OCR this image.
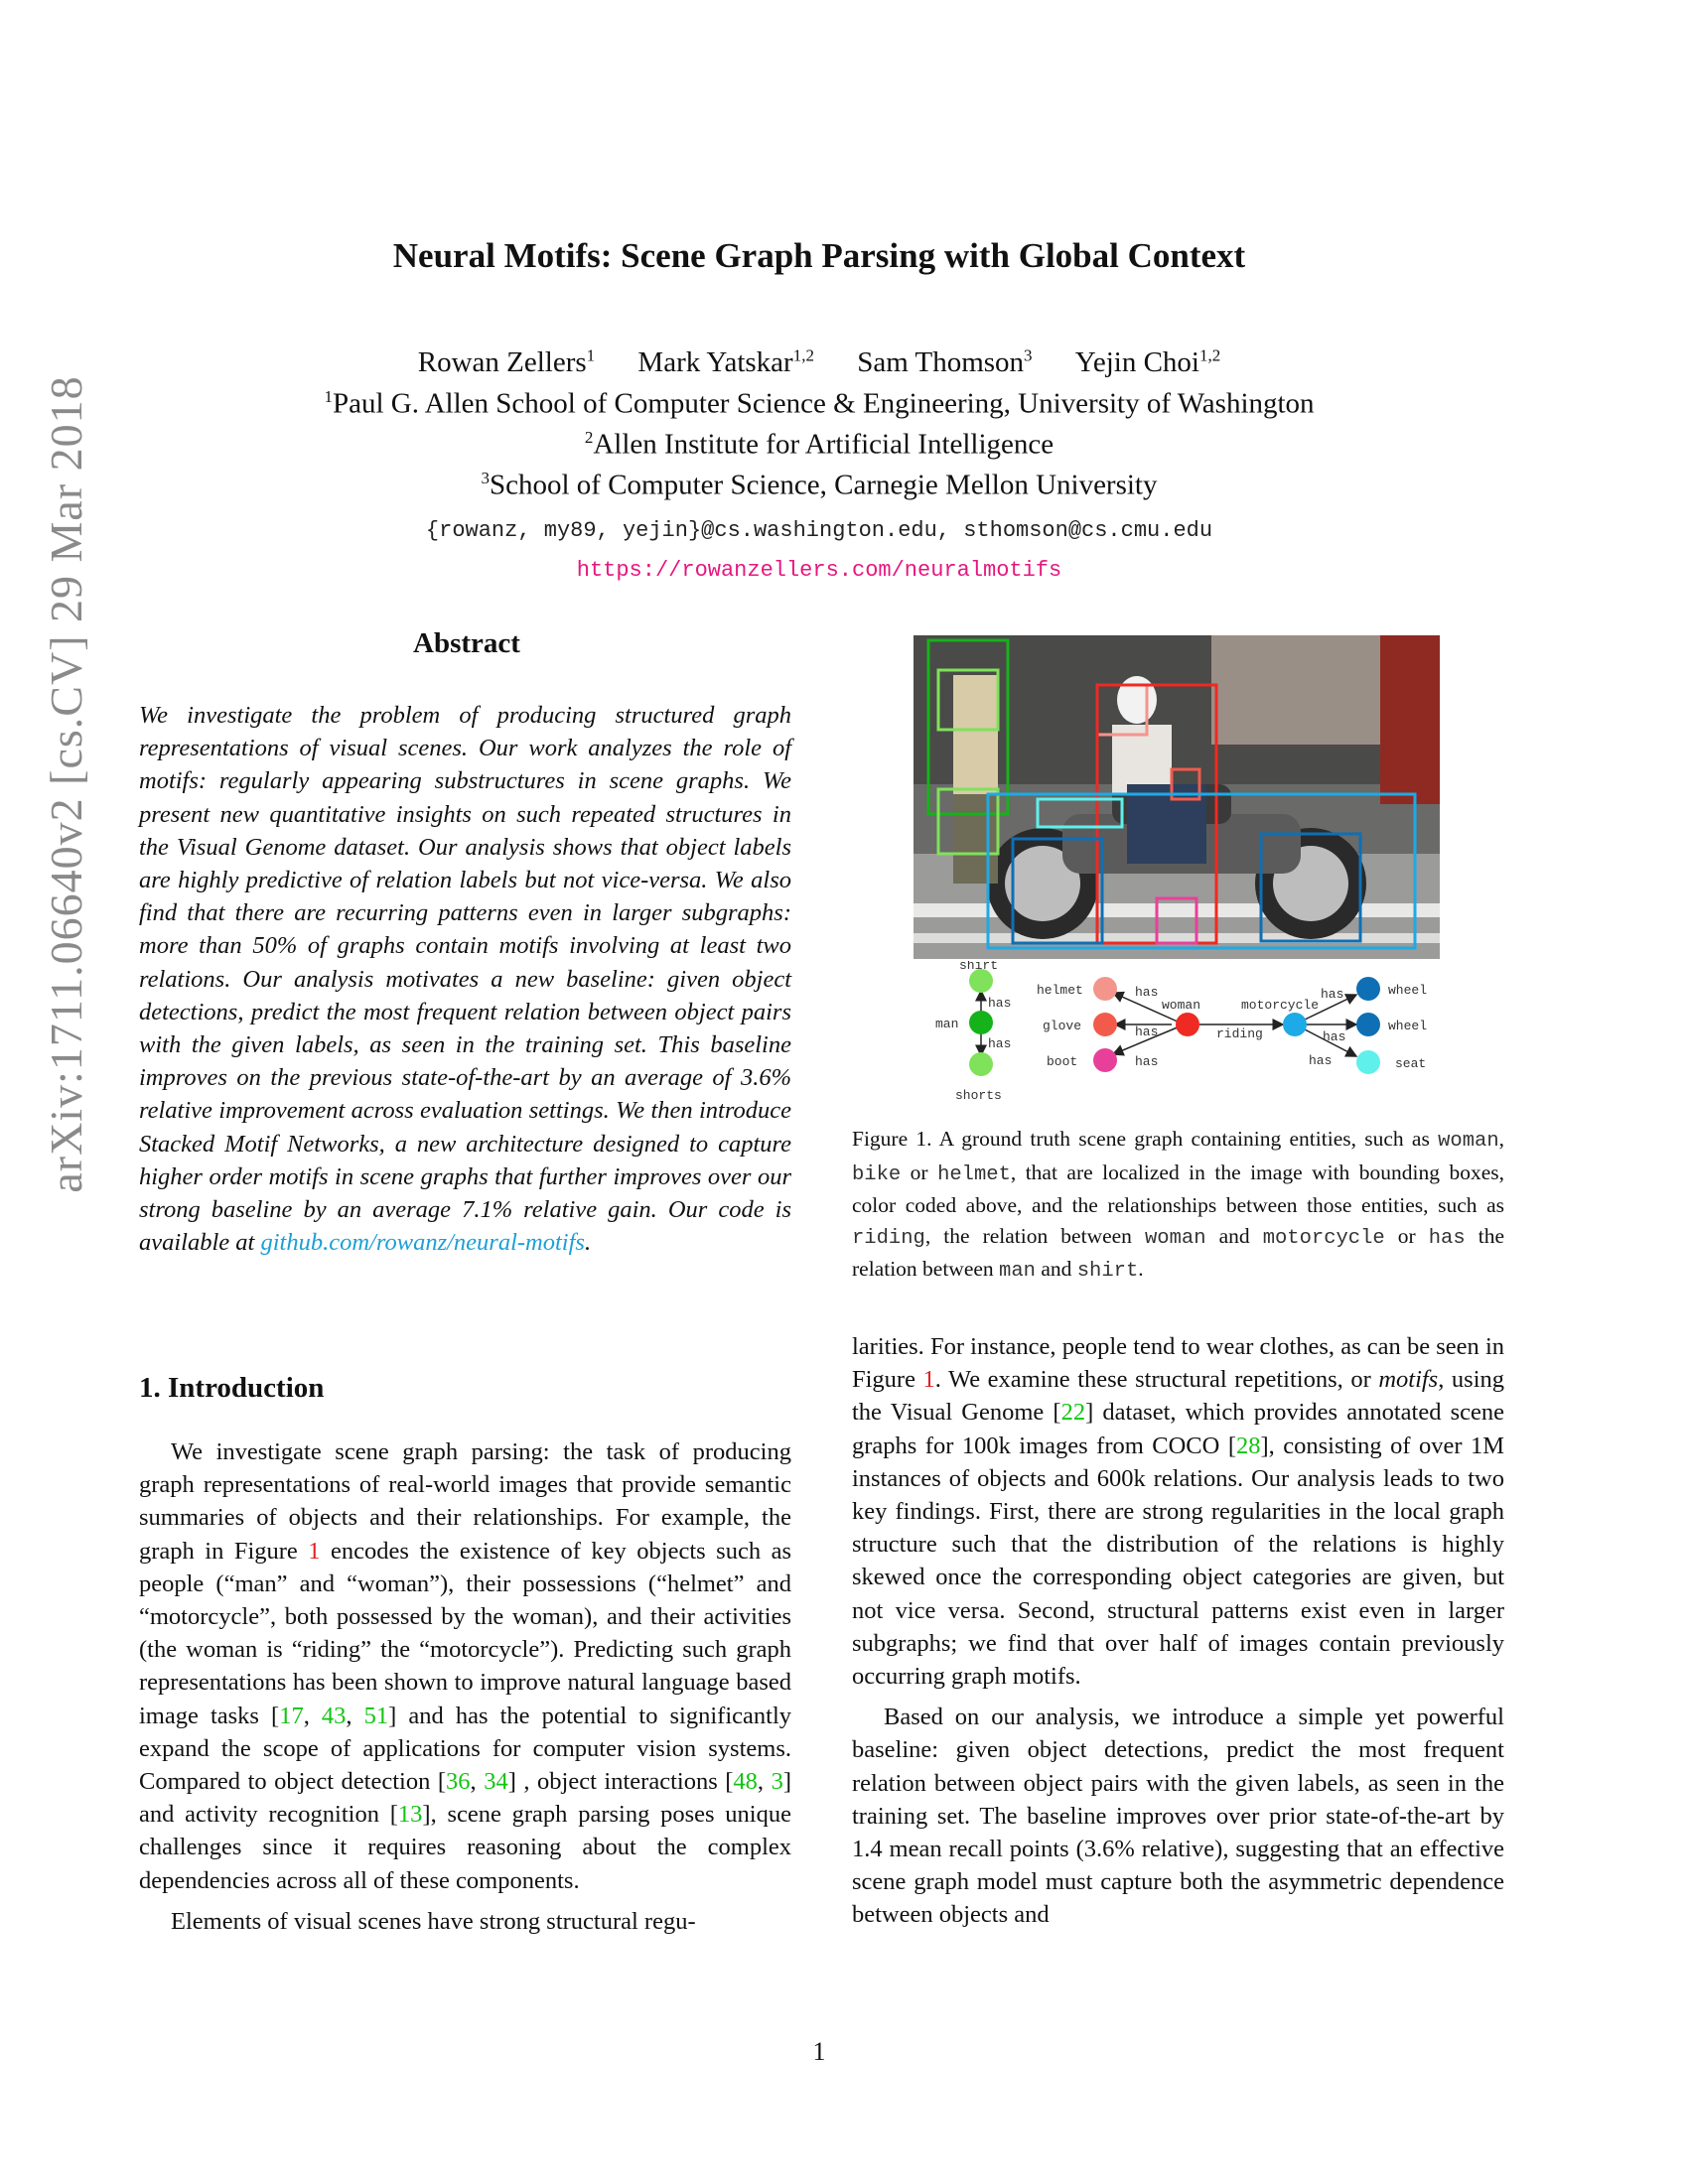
arXiv:1711.06640v2 [cs.CV] 29 Mar 2018
Neural Motifs: Scene Graph Parsing with Global Context
Rowan Zellers$^1$ Mark Yatskar$^{1,2}$ Sam Thomson$^3$ Yejin Choi$^{1,2}$
$^1$Paul G. Allen School of Computer Science & Engineering, University of Washington
$^2$Allen Institute for Artificial Intelligence
$^3$School of Computer Science, Carnegie Mellon University
{rowanz, my89, yejin}@cs.washington.edu, sthomson@cs.cmu.edu
https://rowanzellers.com/neuralmotifs
Abstract
We investigate the problem of producing structured graph representations of visual scenes. Our work analyzes the role of motifs: regularly appearing substructures in scene graphs. We present new quantitative insights on such repeated structures in the Visual Genome dataset. Our analysis shows that object labels are highly predictive of relation labels but not vice-versa. We also find that there are recurring patterns even in larger subgraphs: more than 50% of graphs contain motifs involving at least two relations. Our analysis motivates a new baseline: given object detections, predict the most frequent relation between object pairs with the given labels, as seen in the training set. This baseline improves on the previous state-of-the-art by an average of 3.6% relative improvement across evaluation settings. We then introduce Stacked Motif Networks, a new architecture designed to capture higher order motifs in scene graphs that further improves over our strong baseline by an average 7.1% relative gain. Our code is available at github.com/rowanz/neural-motifs.
1. Introduction

We investigate scene graph parsing: the task of producing graph representations of real-world images that provide semantic summaries of objects and their relationships. For example, the graph in Figure 1 encodes the existence of key objects such as people (“man” and “woman”), their possessions (“helmet” and “motorcycle”, both possessed by the woman), and their activities (the woman is “riding” the “motorcycle”). Predicting such graph representations has been shown to improve natural language based image tasks [17, 43, 51] and has the potential to significantly expand the scope of applications for computer vision systems. Compared to object detection [36, 34] , object interactions [48, 3] and activity recognition [13], scene graph parsing poses unique challenges since it requires reasoning about the complex dependencies across all of these components.

Elements of visual scenes have strong structural regu-

larities. For instance, people tend to wear clothes, as can be seen in Figure 1. We examine these structural repetitions, or motifs, using the Visual Genome [22] dataset, which provides annotated scene graphs for 100k images from COCO [28], consisting of over 1M instances of objects and 600k relations. Our analysis leads to two key findings. First, there are strong regularities in the local graph structure such that the distribution of the relations is highly skewed once the corresponding object categories are given, but not vice versa. Second, structural patterns exist even in larger subgraphs; we find that over half of images contain previously occurring graph motifs.

Based on our analysis, we introduce a simple yet powerful baseline: given object detections, predict the most frequent relation between object pairs with the given labels, as seen in the training set. The baseline improves over prior state-of-the-art by 1.4 mean recall points (3.6% relative), suggesting that an effective scene graph model must capture both the asymmetric dependence between objects and

shirt
man
shorts
helmet
glove
boot
woman	motorcycle
wheel
wheel
seat
has
has
has
has
has
riding
has
has
has
Figure 1. A ground truth scene graph containing entities, such as woman, bike or helmet, that are localized in the image with bounding boxes, color coded above, and the relationships between those entities, such as riding, the relation between woman and motorcycle or has the relation between man and shirt.
1
